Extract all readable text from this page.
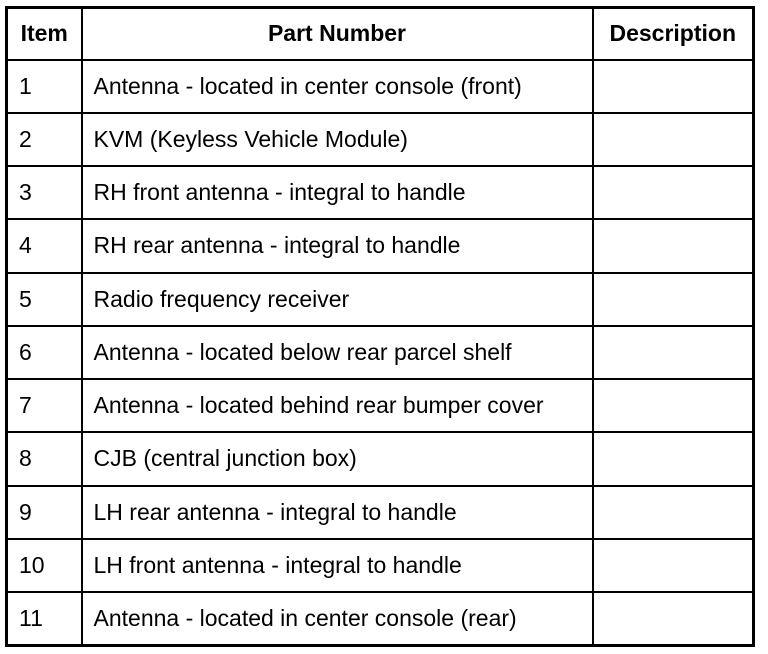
Item	Part Number	Description
1	Antenna - located in center console (front)	
2	KVM (Keyless Vehicle Module)	
3	RH front antenna - integral to handle	
4	RH rear antenna - integral to handle	
5	Radio frequency receiver	
6	Antenna - located below rear parcel shelf	
7	Antenna - located behind rear bumper cover	
8	CJB (central junction box)	
9	LH rear antenna - integral to handle	
10	LH front antenna - integral to handle	
11	Antenna - located in center console (rear)	
